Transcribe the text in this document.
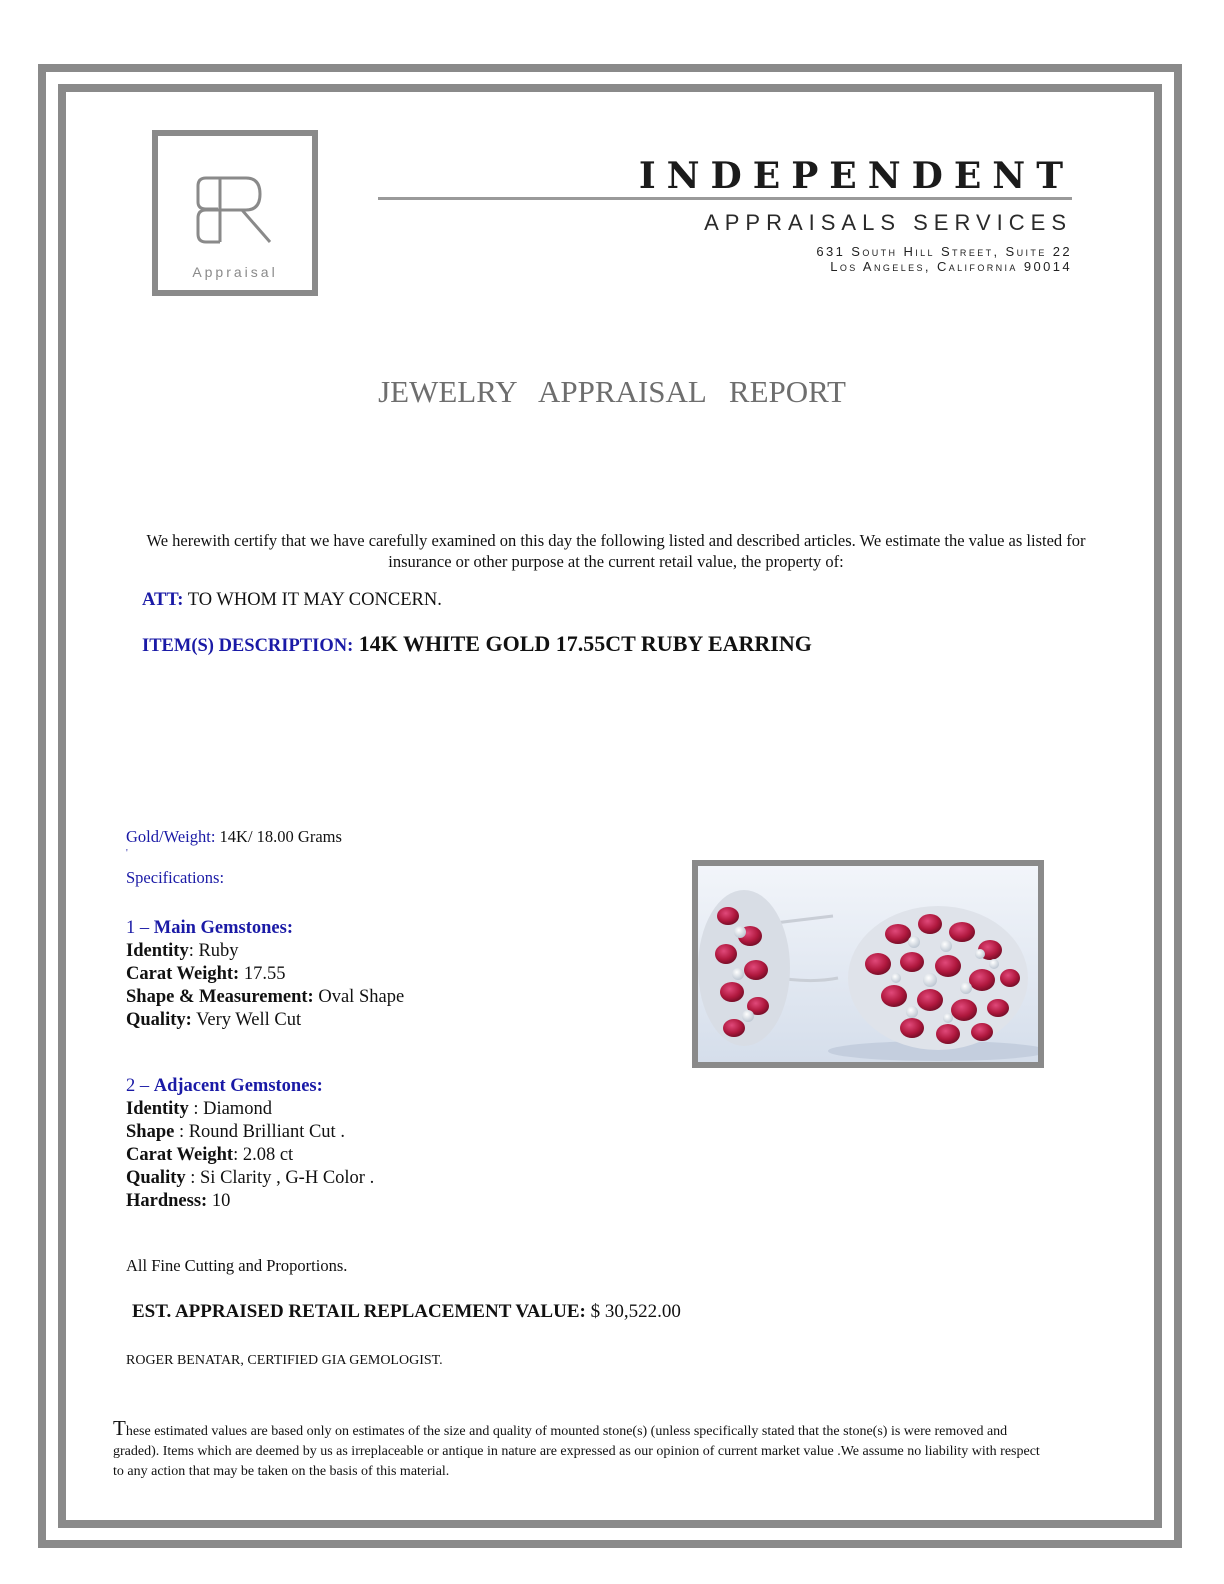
Appraisal
INDEPENDENT
APPRAISALS SERVICES
631 South Hill Street, Suite 22
Los Angeles, California 90014
JEWELRY   APPRAISAL   REPORT
We herewith certify that we have carefully examined on this day the following listed and described articles. We estimate the value as listed for insurance or other purpose at the current retail value, the property of:
ATT: TO WHOM IT MAY CONCERN.
ITEM(S) DESCRIPTION: 14K WHITE GOLD 17.55CT RUBY EARRING
Gold/Weight: 14K/ 18.00 Grams
'
Specifications:
1 – Main Gemstones:
Identity: Ruby
Carat Weight: 17.55
Shape & Measurement: Oval Shape
Quality: Very Well Cut
2 – Adjacent Gemstones:
Identity : Diamond
Shape : Round Brilliant Cut .
Carat Weight: 2.08 ct
Quality : Si Clarity , G-H Color .
Hardness: 10
All Fine Cutting and Proportions.
EST. APPRAISED RETAIL REPLACEMENT VALUE: $ 30,522.00
ROGER BENATAR, CERTIFIED GIA GEMOLOGIST.
These estimated values are based only on estimates of the size and quality of mounted stone(s) (unless specifically stated that the stone(s) is were removed and graded). Items which are deemed by us as irreplaceable or antique in nature are expressed as our opinion of current market value .We assume no liability with respect to any action that may be taken on the basis of this material.
